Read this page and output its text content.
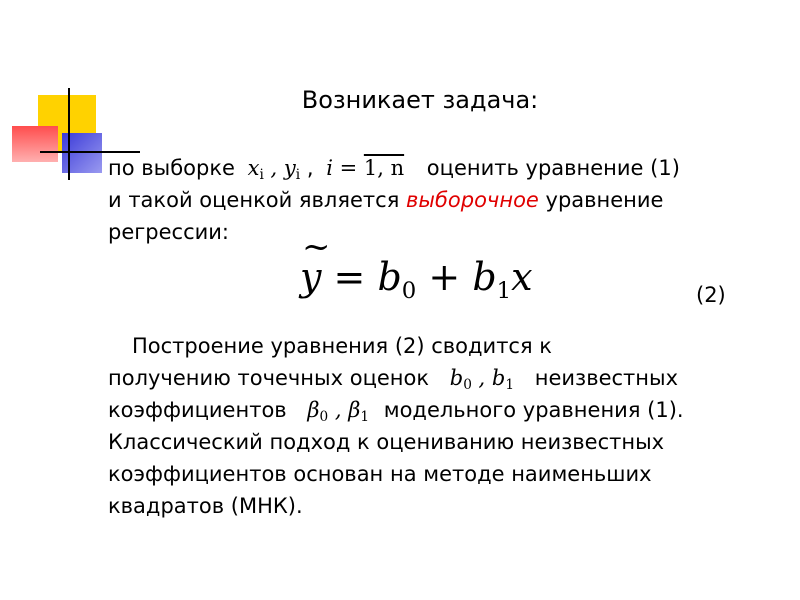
Возникает задача:
по выборке $x_i$ , $y_i$ , i = 1, n оценить уравнение (1)
и такой оценкой является выборочное уравнение
регрессии:
~ $y = b_0 + b_1x$	(2)
Построение уравнения (2) сводится к
получению точечных оценок $b_0$ , $b_1$ неизвестных
коэффициентов $\beta_0$ , $\beta_1$ модельного уравнения (1).
Классический подход к оцениванию неизвестных
коэффициентов основан на методе наименьших
квадратов (МНК).
